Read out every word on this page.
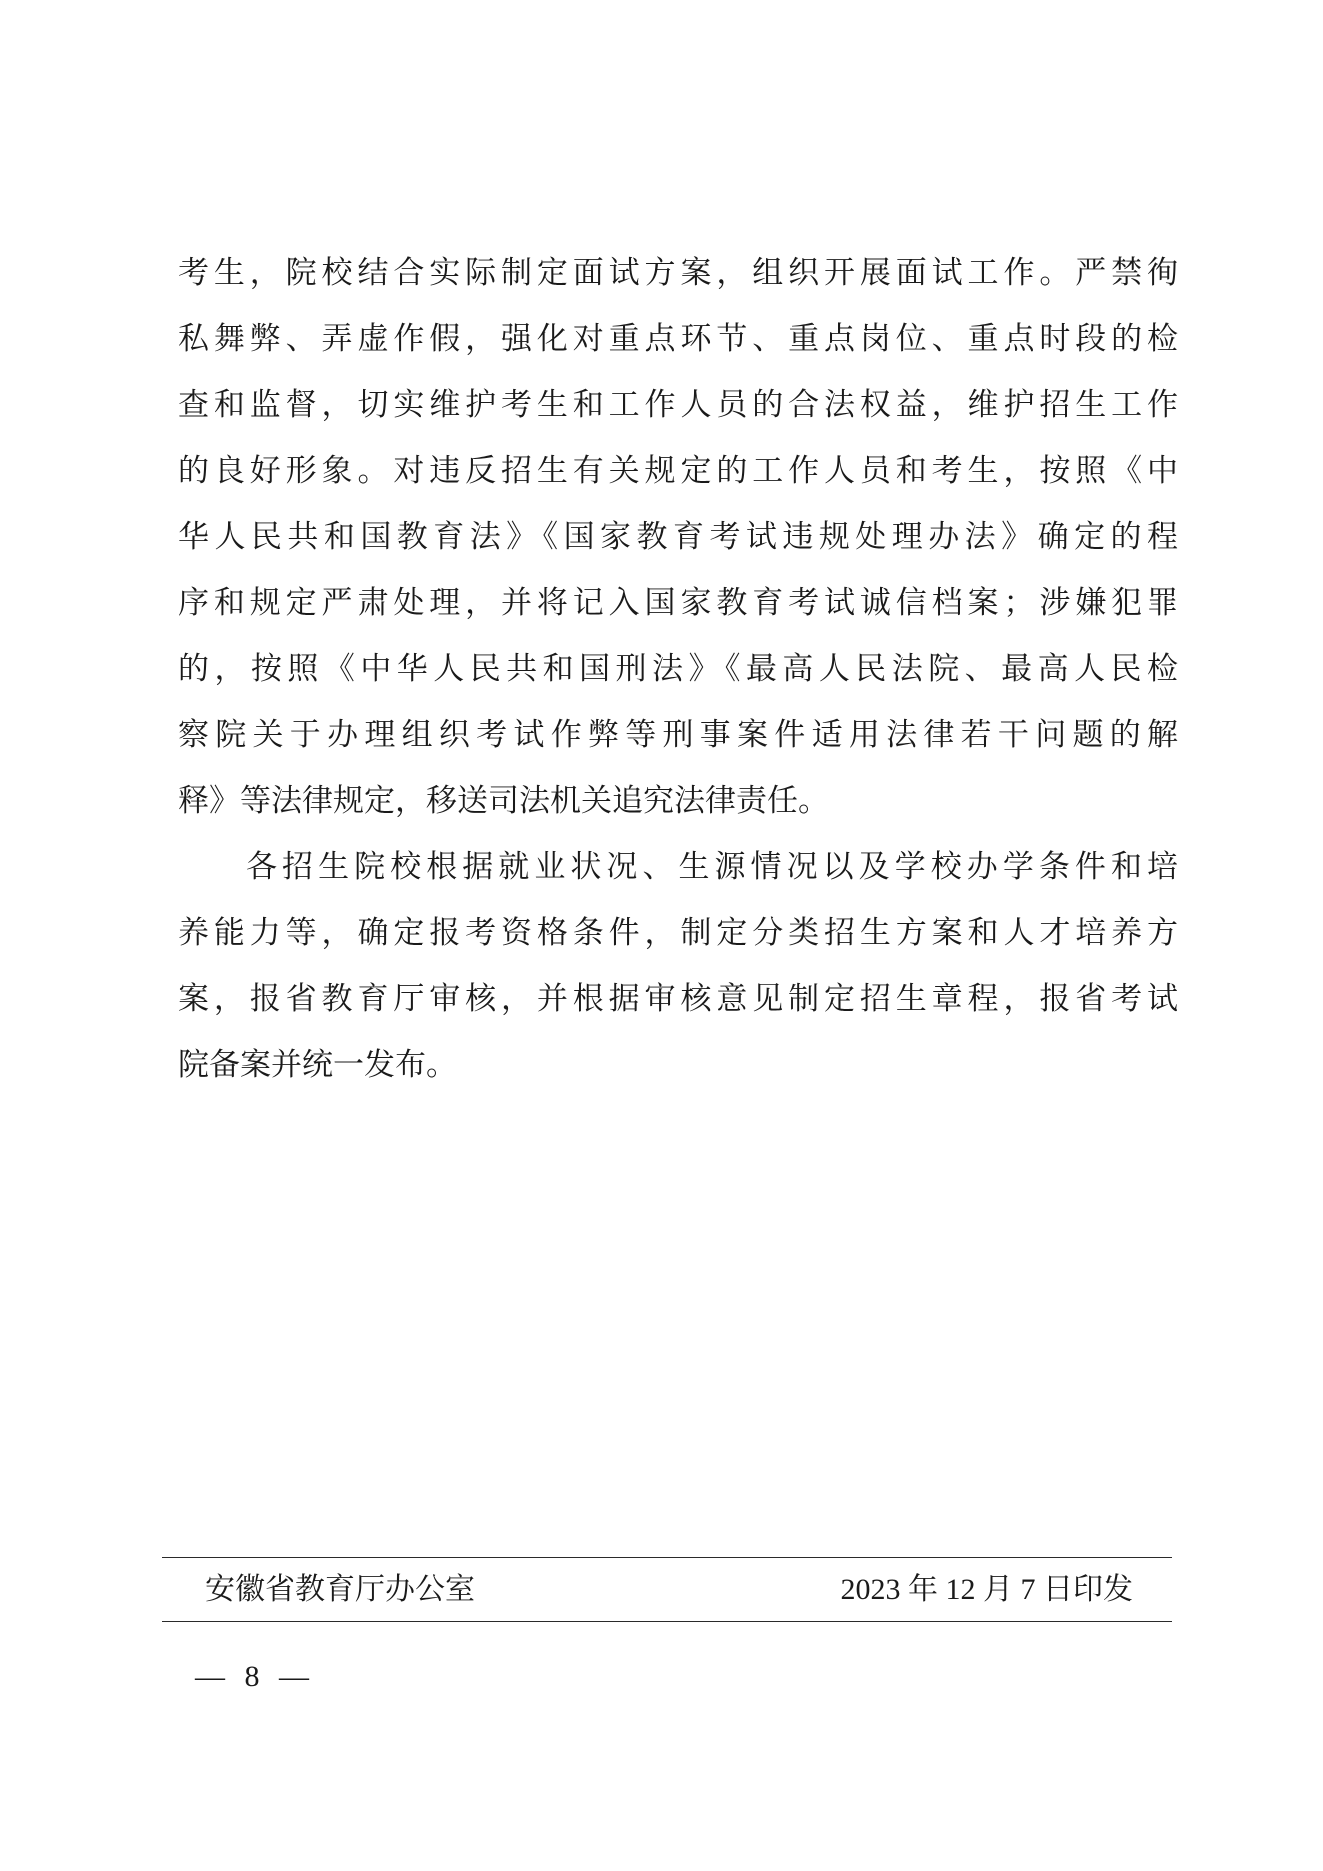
考生，院校结合实际制定面试方案，组织开展面试工作。严禁徇
私舞弊、弄虚作假，强化对重点环节、重点岗位、重点时段的检
查和监督，切实维护考生和工作人员的合法权益，维护招生工作
的良好形象。对违反招生有关规定的工作人员和考生，按照《中
华人民共和国教育法》《国家教育考试违规处理办法》确定的程
序和规定严肃处理，并将记入国家教育考试诚信档案；涉嫌犯罪
的，按照《中华人民共和国刑法》《最高人民法院、最高人民检
察院关于办理组织考试作弊等刑事案件适用法律若干问题的解
释》等法律规定，移送司法机关追究法律责任。
各招生院校根据就业状况、生源情况以及学校办学条件和培
养能力等，确定报考资格条件，制定分类招生方案和人才培养方
案，报省教育厅审核，并根据审核意见制定招生章程，报省考试
院备案并统一发布。
安徽省教育厅办公室	2023 年 12 月 7 日印发
— 8 —
